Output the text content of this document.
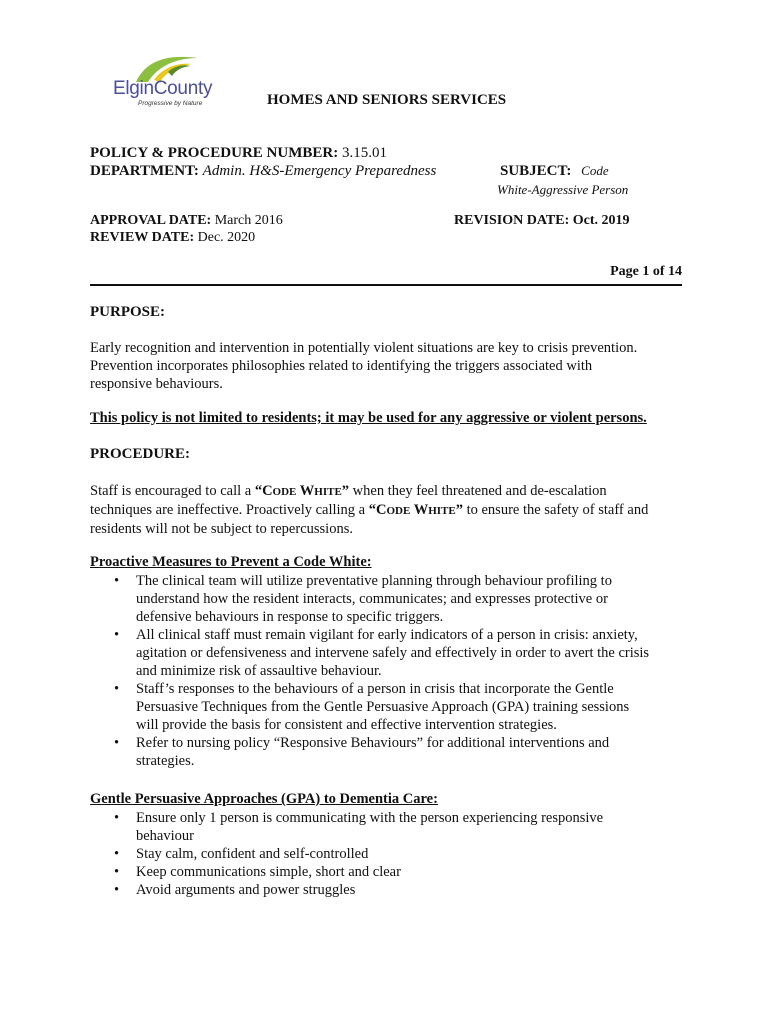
ElginCounty
Progressive by Nature	HOMES AND SENIORS SERVICES
POLICY & PROCEDURE NUMBER: 3.15.01
DEPARTMENT: Admin. H&S-Emergency Preparedness	SUBJECT: Code
White-Aggressive Person
APPROVAL DATE: March 2016
REVIEW DATE: Dec. 2020
REVISION DATE: Oct. 2019
Page 1 of 14
PURPOSE:
Early recognition and intervention in potentially violent situations are key to crisis prevention.
Prevention incorporates philosophies related to identifying the triggers associated with
responsive behaviours.
This policy is not limited to residents; it may be used for any aggressive or violent persons.
PROCEDURE:
Staff is encouraged to call a “CODE WHITE” when they feel threatened and de-escalation
techniques are ineffective. Proactively calling a “CODE WHITE” to ensure the safety of staff and
residents will not be subject to repercussions.
Proactive Measures to Prevent a Code White:
• The clinical team will utilize preventative planning through behaviour profiling to
understand how the resident interacts, communicates; and expresses protective or
defensive behaviours in response to specific triggers.
• All clinical staff must remain vigilant for early indicators of a person in crisis: anxiety,
agitation or defensiveness and intervene safely and effectively in order to avert the crisis
and minimize risk of assaultive behaviour.
• Staff’s responses to the behaviours of a person in crisis that incorporate the Gentle
Persuasive Techniques from the Gentle Persuasive Approach (GPA) training sessions
will provide the basis for consistent and effective intervention strategies.
• Refer to nursing policy “Responsive Behaviours” for additional interventions and
strategies.
Gentle Persuasive Approaches (GPA) to Dementia Care:
• Ensure only 1 person is communicating with the person experiencing responsive
behaviour
• Stay calm, confident and self-controlled
• Keep communications simple, short and clear
• Avoid arguments and power struggles
